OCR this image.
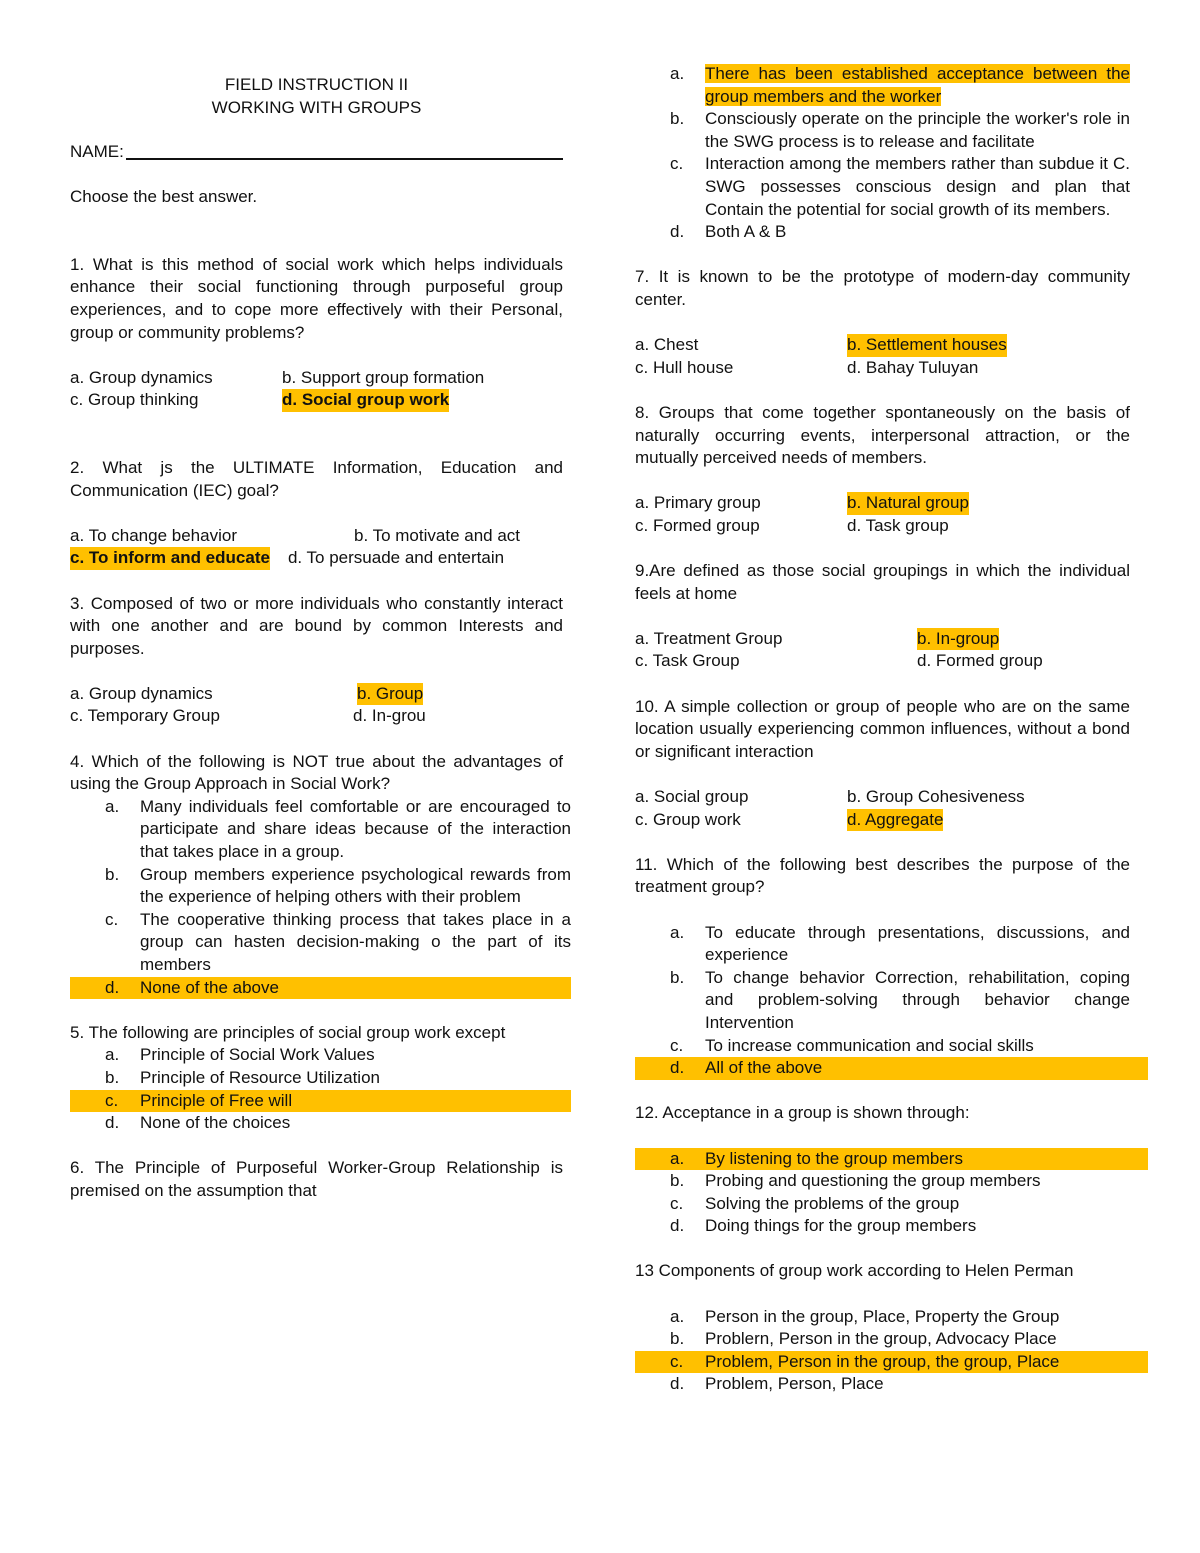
FIELD INSTRUCTION II
WORKING WITH GROUPS
NAME:
Choose the best answer.
1. What is this method of social work which helps individuals enhance their social functioning through purposeful group experiences, and to cope more effectively with their Personal, group or community problems?
a. Group dynamics	b. Support group formation
c. Group thinking	d. Social group work
2. What js the ULTIMATE Information, Education and Communication (IEC) goal?
a. To change behavior	b. To motivate and act
c. To inform and educate d. To persuade and entertain
3. Composed of two or more individuals who constantly interact with one another and are bound by common Interests and purposes.
a. Group dynamics	b. Group
c. Temporary Group	d. In-grou
4. Which of the following is NOT true about the advantages of using the Group Approach in Social Work?
a.	Many individuals feel comfortable or are encouraged to participate and share ideas because of the interaction that takes place in a group.
b.	Group members experience psychological rewards from the experience of helping others with their problem
c.	The cooperative thinking process that takes place in a group can hasten decision-making o the part of its members
d.	None of the above
5. The following are principles of social group work except
a.	Principle of Social Work Values
b.	Principle of Resource Utilization
c.	Principle of Free will
d.	None of the choices
6. The Principle of Purposeful Worker-Group Relationship is premised on the assumption that
a.	There has been established acceptance between the group members and the worker
b.	Consciously operate on the principle the worker's role in the SWG process is to release and facilitate
c.	Interaction among the members rather than subdue it C. SWG possesses conscious design and plan that Contain the potential for social growth of its members.
d.	Both A & B
7. It is known to be the prototype of modern-day community center.
a. Chest	b. Settlement houses
c. Hull house	d. Bahay Tuluyan
8. Groups that come together spontaneously on the basis of naturally occurring events, interpersonal attraction, or the mutually perceived needs of members.
a. Primary group	b. Natural group
c. Formed group	d. Task group
9.Are defined as those social groupings in which the individual feels at home
a. Treatment Group	b. In-group
c. Task Group	d. Formed group
10. A simple collection or group of people who are on the same location usually experiencing common influences, without a bond or significant interaction
a. Social group	b. Group Cohesiveness
c. Group work	d. Aggregate
11. Which of the following best describes the purpose of the treatment group?
a.	To educate through presentations, discussions, and experience
b.	To change behavior Correction, rehabilitation, coping and problem-solving through behavior change Intervention
c.	To increase communication and social skills
d.	All of the above
12. Acceptance in a group is shown through:
a.	By listening to the group members
b.	Probing and questioning the group members
c.	Solving the problems of the group
d.	Doing things for the group members
13 Components of group work according to Helen Perman
a.	Person in the group, Place, Property the Group
b.	Problern, Person in the group, Advocacy Place
c.	Problem, Person in the group, the group, Place
d.	Problem, Person, Place
